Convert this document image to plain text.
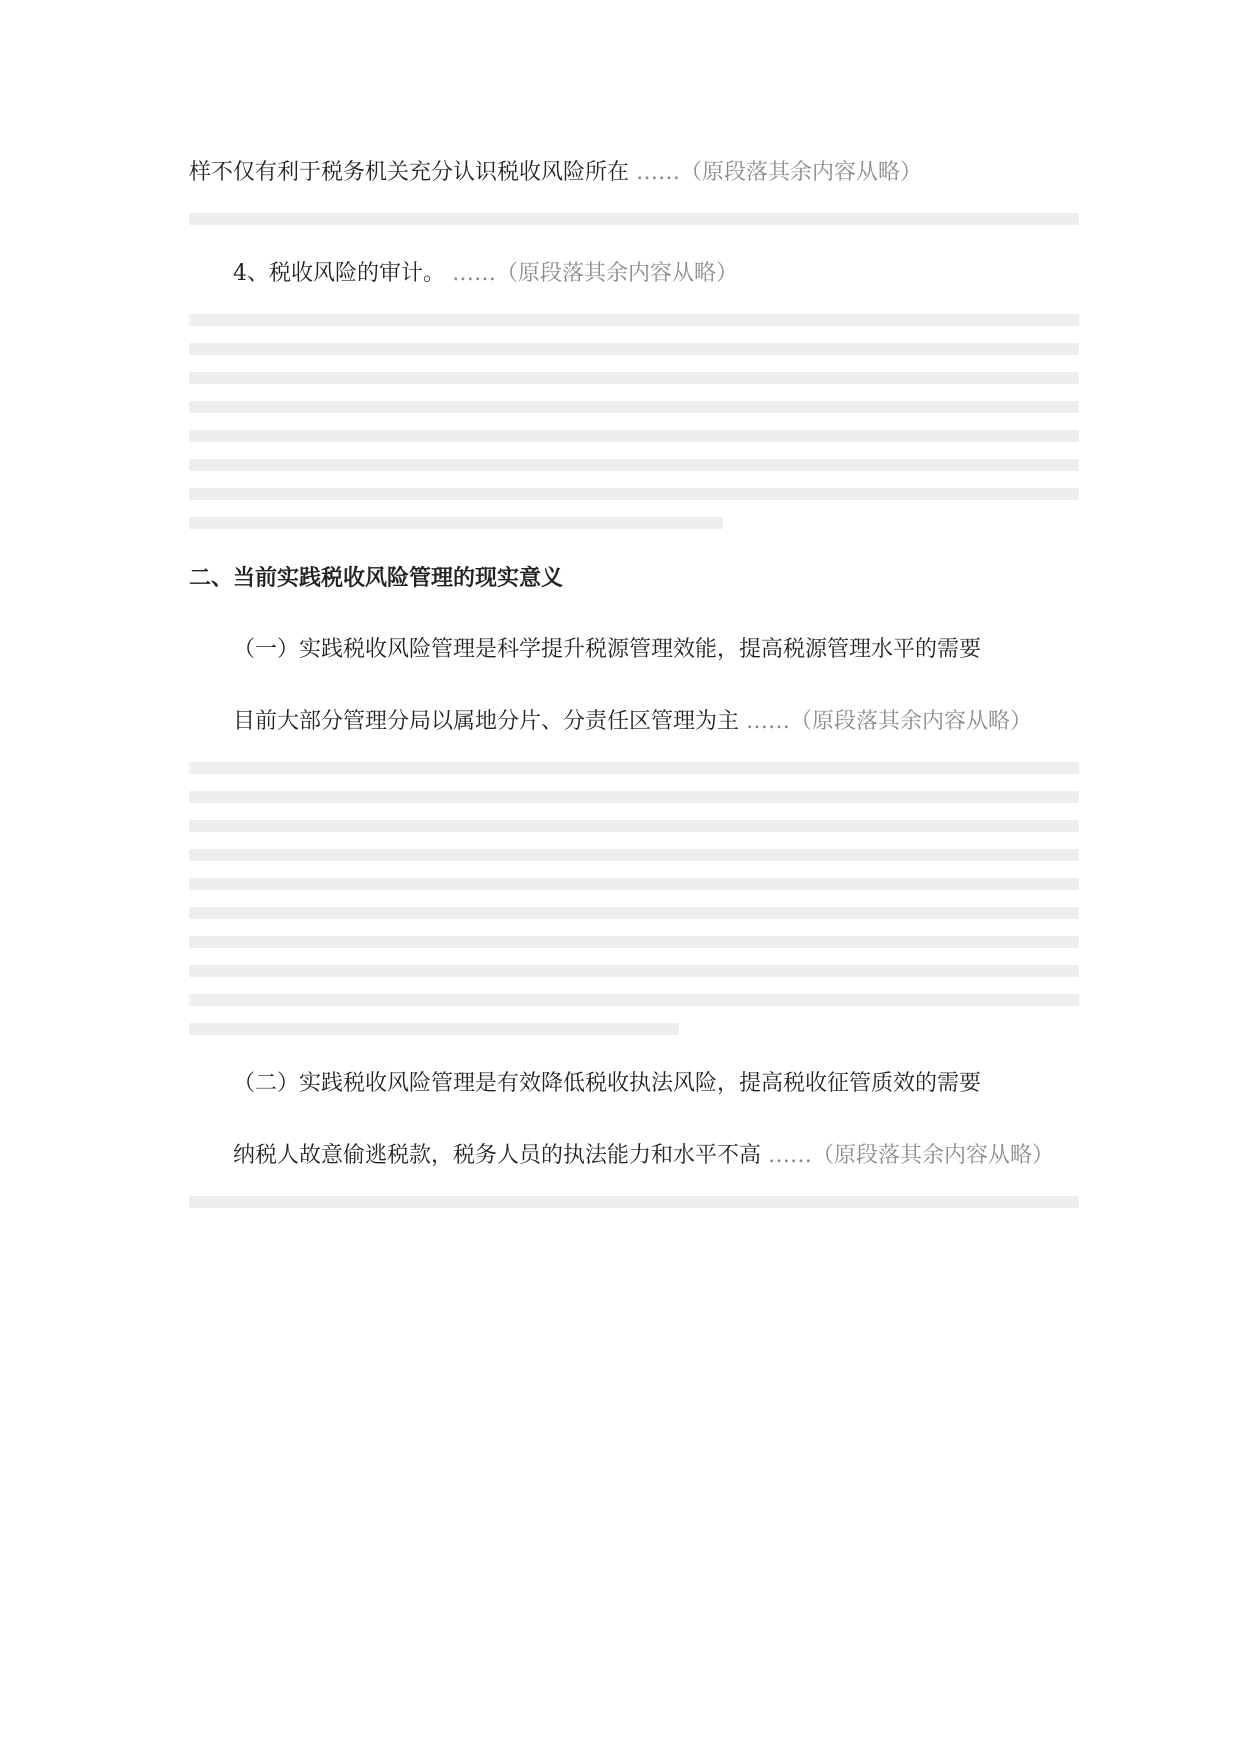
样不仅有利于税务机关充分认识税收风险所在 ……（原段落其余内容从略）
4、税收风险的审计。 ……（原段落其余内容从略）
二、当前实践税收风险管理的现实意义
（一）实践税收风险管理是科学提升税源管理效能，提高税源管理水平的需要
目前大部分管理分局以属地分片、分责任区管理为主 ……（原段落其余内容从略）
（二）实践税收风险管理是有效降低税收执法风险，提高税收征管质效的需要
纳税人故意偷逃税款，税务人员的执法能力和水平不高 ……（原段落其余内容从略）
